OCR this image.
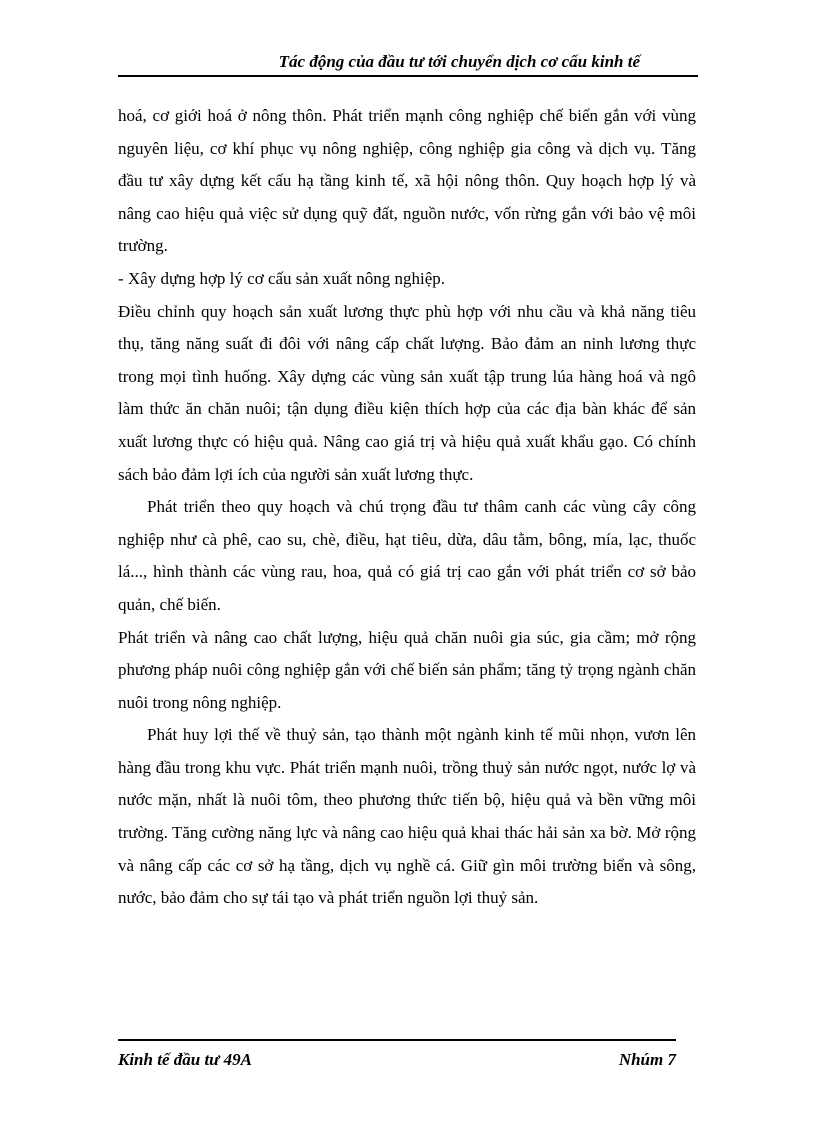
Tác động của đầu tư tới chuyển dịch cơ cấu kinh tế

hoá, cơ giới hoá ở nông thôn. Phát triển mạnh công nghiệp chế biến gắn với vùng nguyên liệu, cơ khí phục vụ nông nghiệp, công nghiệp gia công và dịch vụ. Tăng đầu tư xây dựng kết cấu hạ tầng kinh tế, xã hội nông thôn. Quy hoạch hợp lý và nâng cao hiệu quả việc sử dụng quỹ đất, nguồn nước, vốn rừng gắn với bảo vệ môi trường.

- Xây dựng hợp lý cơ cấu sản xuất nông nghiệp.

Điều chỉnh quy hoạch sản xuất lương thực phù hợp với nhu cầu và khả năng tiêu thụ, tăng năng suất đi đôi với nâng cấp chất lượng. Bảo đảm an ninh lương thực trong mọi tình huống. Xây dựng các vùng sản xuất tập trung lúa hàng hoá và ngô làm thức ăn chăn nuôi; tận dụng điều kiện thích hợp của các địa bàn khác để sản xuất lương thực có hiệu quả. Nâng cao giá trị và hiệu quả xuất khẩu gạo. Có chính sách bảo đảm lợi ích của người sản xuất lương thực.

Phát triển theo quy hoạch và chú trọng đầu tư thâm canh các vùng cây công nghiệp như cà phê, cao su, chè, điều, hạt tiêu, dừa, dâu tằm, bông, mía, lạc, thuốc lá..., hình thành các vùng rau, hoa, quả có giá trị cao gắn với phát triển cơ sở bảo quản, chế biến.

Phát triển và nâng cao chất lượng, hiệu quả chăn nuôi gia súc, gia cầm; mở rộng phương pháp nuôi công nghiệp gắn với chế biến sản phẩm; tăng tỷ trọng ngành chăn nuôi trong nông nghiệp.

Phát huy lợi thế về thuỷ sản, tạo thành một ngành kinh tế mũi nhọn, vươn lên hàng đầu trong khu vực. Phát triển mạnh nuôi, trồng thuỷ sản nước ngọt, nước lợ và nước mặn, nhất là nuôi tôm, theo phương thức tiến bộ, hiệu quả và bền vững môi trường. Tăng cường năng lực và nâng cao hiệu quả khai thác hải sản xa bờ. Mở rộng và nâng cấp các cơ sở hạ tầng, dịch vụ nghề cá. Giữ gìn môi trường biển và sông, nước, bảo đảm cho sự tái tạo và phát triển nguồn lợi thuỷ sản.

Kinh tế đầu tư 49A	Nhúm 7
